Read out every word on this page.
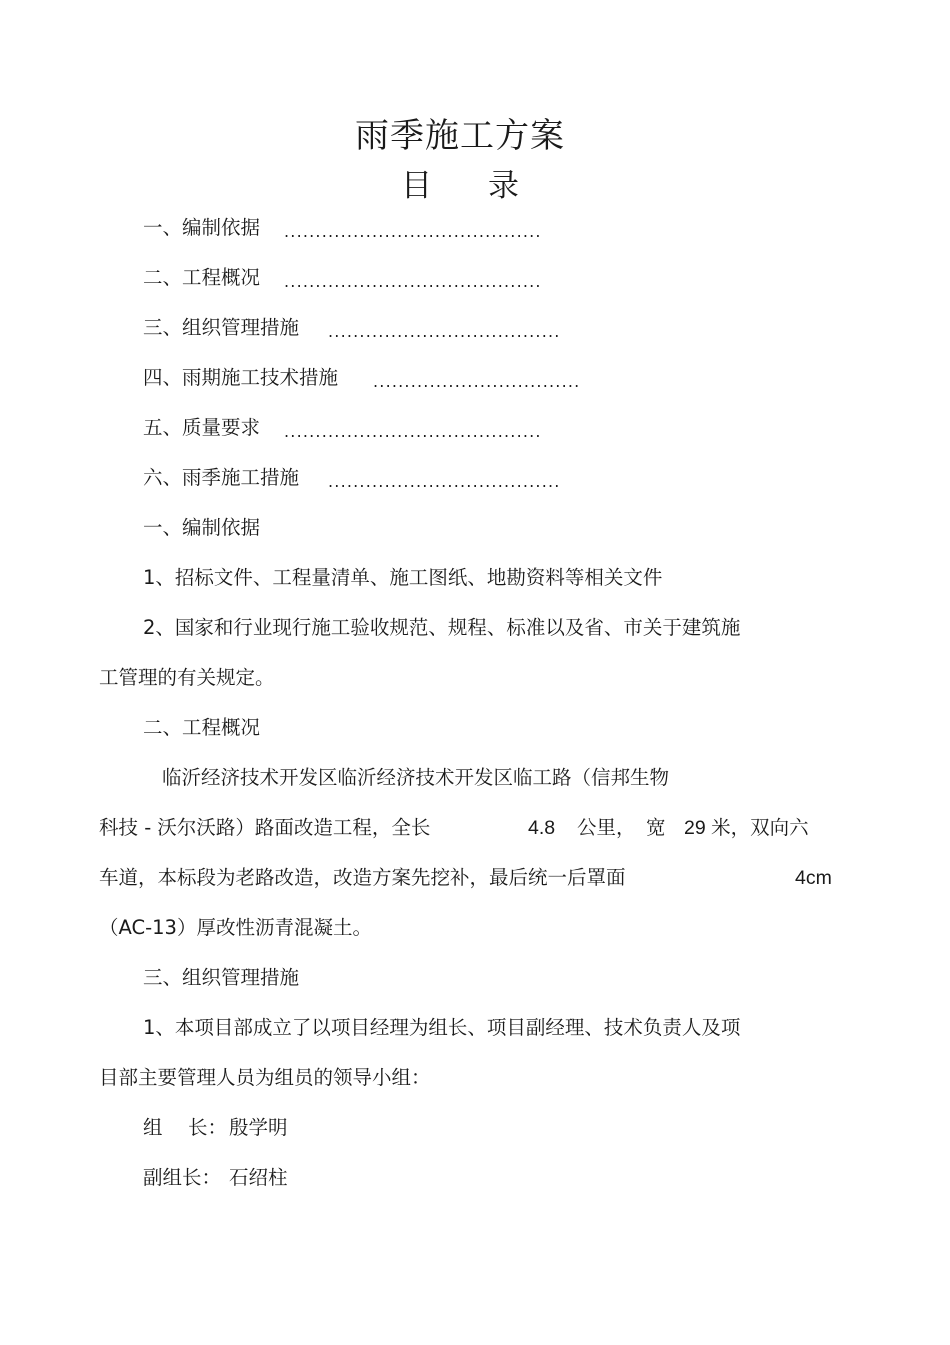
雨季施工方案
目 录
一、编制依据 .........................................
二、工程概况 .........................................
三、组织管理措施 .....................................
四、雨期施工技术措施 .................................
五、质量要求 .........................................
六、雨季施工措施 .....................................
一、编制依据
1、招标文件、工程量清单、施工图纸、地勘资料等相关文件
2、国家和行业现行施工验收规范、规程、标准以及省、市关于建筑施
工管理的有关规定。
二、工程概况
临沂经济技术开发区临沂经济技术开发区临工路（信邦生物
科技 - 沃尔沃路）路面改造工程，全长	4.8 公里， 宽 29 米，双向六
车道，本标段为老路改造，改造方案先挖补，最后统一后罩面	4cm
（AC-13）厚改性沥青混凝土。
三、组织管理措施
1、本项目部成立了以项目经理为组长、项目副经理、技术负责人及项
目部主要管理人员为组员的领导小组：
组 长： 殷学明
副组长： 石绍柱
